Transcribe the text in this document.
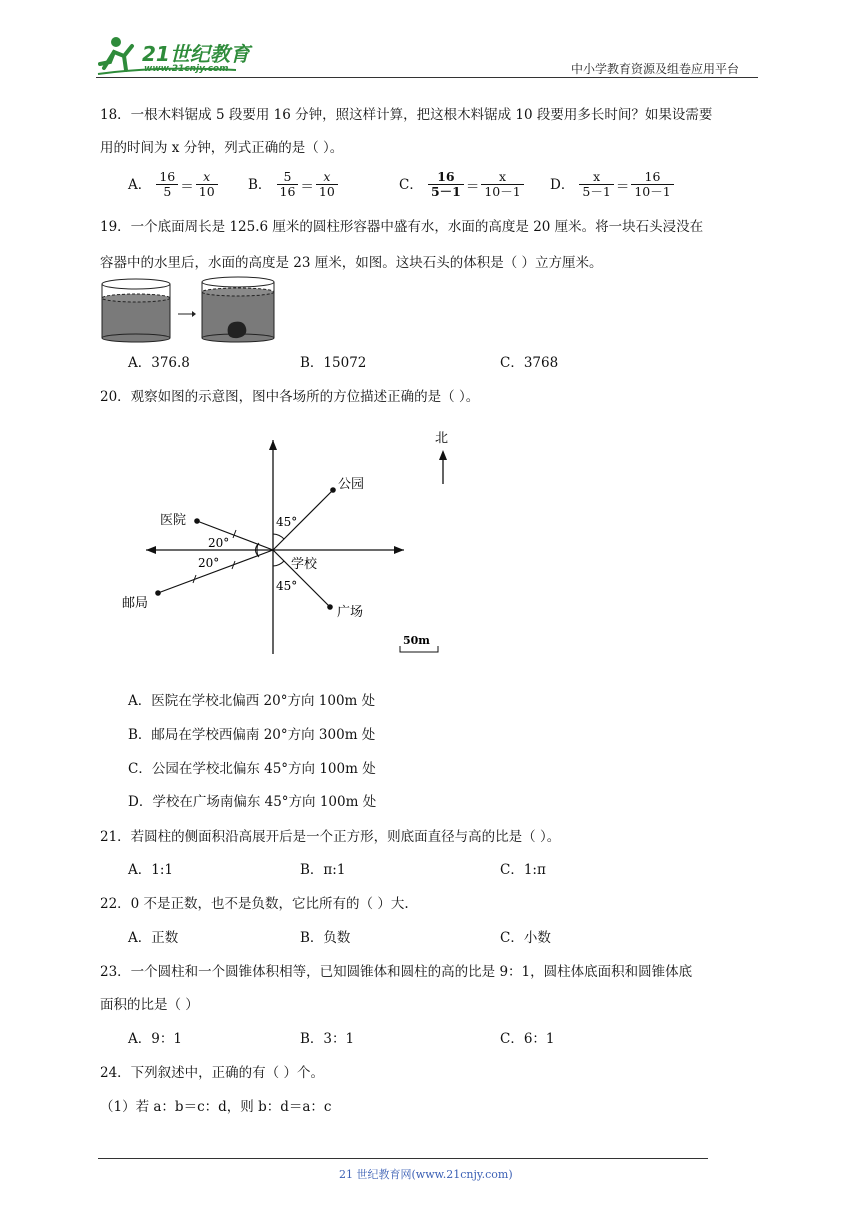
21世纪教育
www.21cnjy.com	中小学教育资源及组卷应用平台
18．一根木料锯成 5 段要用 16 分钟，照这样计算，把这根木料锯成 10 段要用多长时间？如果设需要
用的时间为 x 分钟，列式正确的是（ ）。
A． $\frac{16}{5} = \frac{x}{10}$ B． $\frac{5}{16} = \frac{x}{10}$	C． $\frac{16}{5-1} = \frac{x}{10-1}$ D． $\frac{x}{5-1} = \frac{16}{10-1}$
19．一个底面周长是 125.6 厘米的圆柱形容器中盛有水，水面的高度是 20 厘米。将一块石头浸没在
容器中的水里后，水面的高度是 23 厘米，如图。这块石头的体积是（ ）立方厘米。
A．376.8	B．15072	C．3768
20．观察如图的示意图，图中各场所的方位描述正确的是（ ）。
北
公园
医院
学校
邮局
广场
45°
45°
20°
20°
50m
A．医院在学校北偏西 20°方向 100m 处
B．邮局在学校西偏南 20°方向 300m 处
C．公园在学校北偏东 45°方向 100m 处
D．学校在广场南偏东 45°方向 100m 处
21．若圆柱的侧面积沿高展开后是一个正方形，则底面直径与高的比是（ ）。
A．1:1	B．π:1	C．1:π
22．0 不是正数，也不是负数，它比所有的（ ）大.
A．正数	B．负数	C．小数
23．一个圆柱和一个圆锥体积相等，已知圆锥体和圆柱的高的比是 9：1，圆柱体底面积和圆锥体底
面积的比是（ ）
A．9：1	B．3：1	C．6：1
24．下列叙述中，正确的有（ ）个。
（1）若 a：b＝c：d，则 b：d＝a：c
21 世纪教育网(www.21cnjy.com)
